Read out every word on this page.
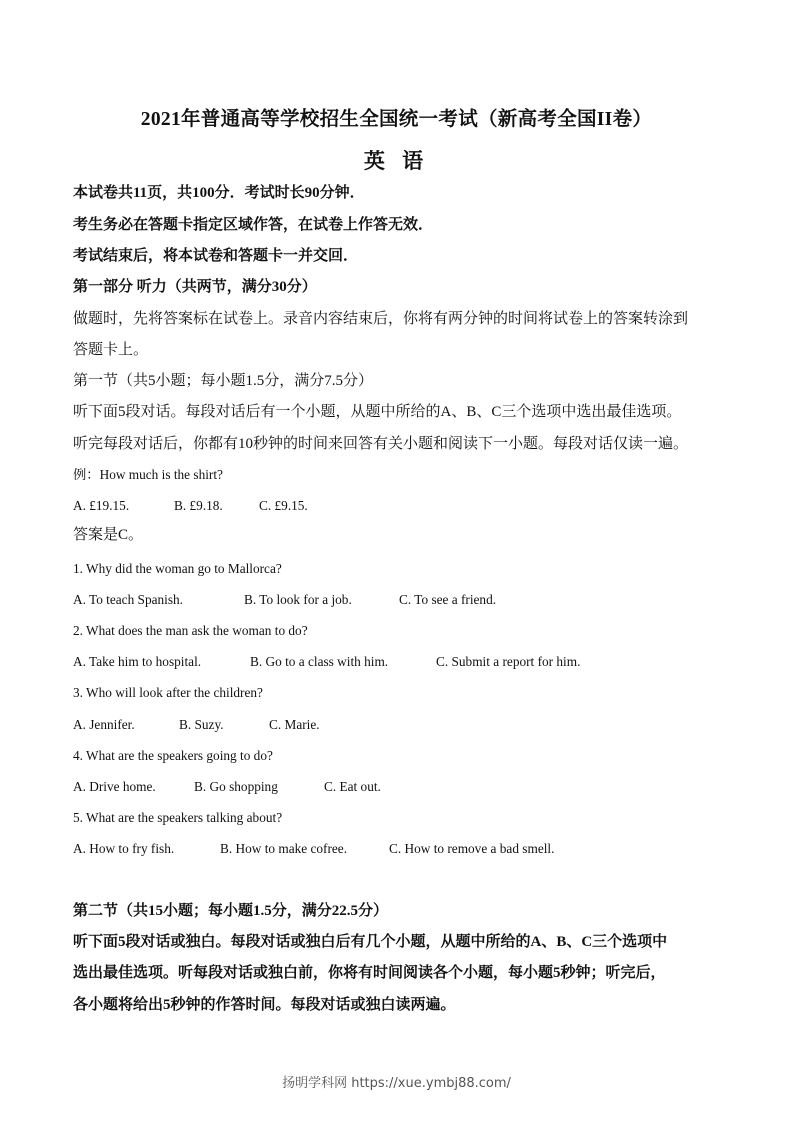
2021年普通高等学校招生全国统一考试（新高考全国II卷）
英 语
本试卷共11页，共100分．考试时长90分钟．
考生务必在答题卡指定区域作答，在试卷上作答无效．
考试结束后，将本试卷和答题卡一并交回．
第一部分 听力（共两节，满分30分）
做题时，先将答案标在试卷上。录音内容结束后，你将有两分钟的时间将试卷上的答案转涂到
答题卡上。
第一节（共5小题；每小题1.5分，满分7.5分）
听下面5段对话。每段对话后有一个小题，从题中所给的A、B、C三个选项中选出最佳选项。
听完每段对话后，你都有10秒钟的时间来回答有关小题和阅读下一小题。每段对话仅读一遍。
例：How much is the shirt?
A. £19.15.	B. £9.18.	C. £9.15.
答案是C。
1. Why did the woman go to Mallorca?
A. To teach Spanish.	B. To look for a job.	C. To see a friend.
2. What does the man ask the woman to do?
A. Take him to hospital.	B. Go to a class with him.	C. Submit a report for him.
3. Who will look after the children?
A. Jennifer.	B. Suzy.	C. Marie.
4. What are the speakers going to do?
A. Drive home.	B. Go shopping	C. Eat out.
5. What are the speakers talking about?
A. How to fry fish.	B. How to make cofree.	C. How to remove a bad smell.
第二节（共15小题；每小题1.5分，满分22.5分）
听下面5段对话或独白。每段对话或独白后有几个小题，从题中所给的A、B、C三个选项中
选出最佳选项。听每段对话或独白前，你将有时间阅读各个小题，每小题5秒钟；听完后，
各小题将给出5秒钟的作答时间。每段对话或独白读两遍。
扬明学科网 https://xue.ymbj88.com/
